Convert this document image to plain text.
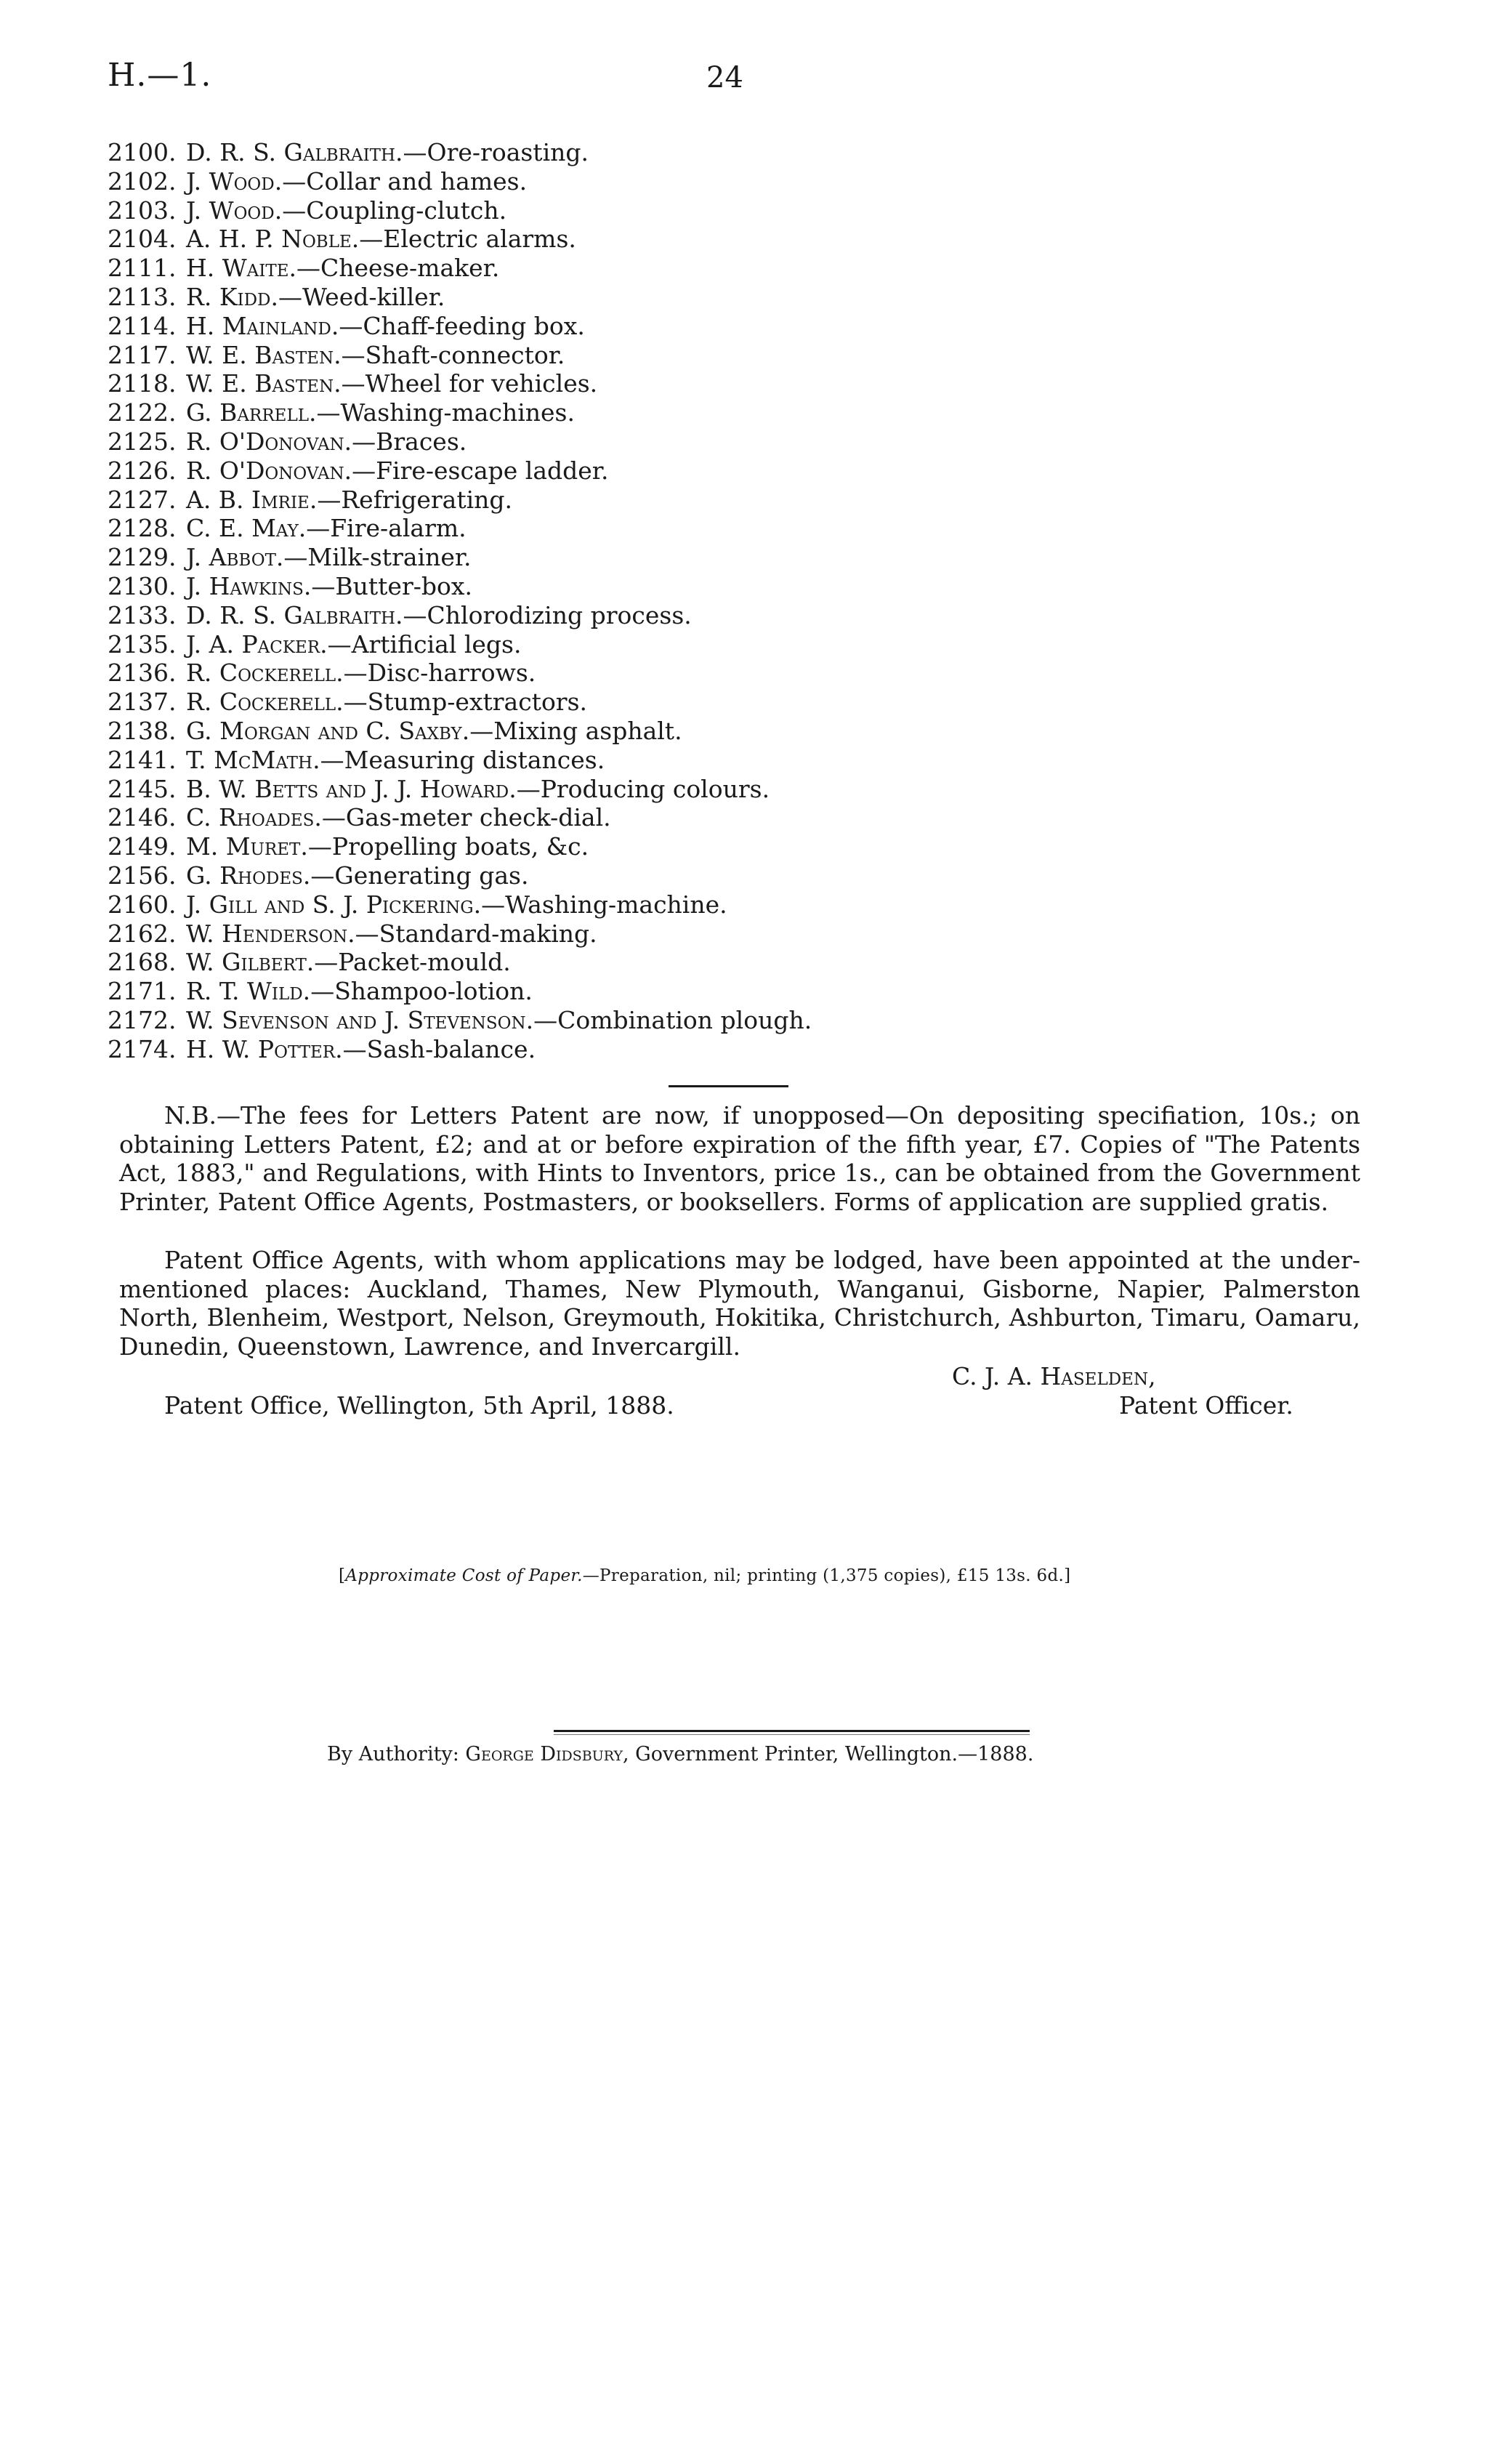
H.—1.	24
2100. D. R. S. Galbraith.—Ore-roasting.
2102. J. Wood.—Collar and hames.
2103. J. Wood.—Coupling-clutch.
2104. A. H. P. Noble.—Electric alarms.
2111. H. Waite.—Cheese-maker.
2113. R. Kidd.—Weed-killer.
2114. H. Mainland.—Chaff-feeding box.
2117. W. E. Basten.—Shaft-connector.
2118. W. E. Basten.—Wheel for vehicles.
2122. G. Barrell.—Washing-machines.
2125. R. O'Donovan.—Braces.
2126. R. O'Donovan.—Fire-escape ladder.
2127. A. B. Imrie.—Refrigerating.
2128. C. E. May.—Fire-alarm.
2129. J. Abbot.—Milk-strainer.
2130. J. Hawkins.—Butter-box.
2133. D. R. S. Galbraith.—Chlorodizing process.
2135. J. A. Packer.—Artificial legs.
2136. R. Cockerell.—Disc-harrows.
2137. R. Cockerell.—Stump-extractors.
2138. G. Morgan and C. Saxby.—Mixing asphalt.
2141. T. McMath.—Measuring distances.
2145. B. W. Betts and J. J. Howard.—Producing colours.
2146. C. Rhoades.—Gas-meter check-dial.
2149. M. Muret.—Propelling boats, &c.
2156. G. Rhodes.—Generating gas.
2160. J. Gill and S. J. Pickering.—Washing-machine.
2162. W. Henderson.—Standard-making.
2168. W. Gilbert.—Packet-mould.
2171. R. T. Wild.—Shampoo-lotion.
2172. W. Sevenson and J. Stevenson.—Combination plough.
2174. H. W. Potter.—Sash-balance.

N.B.—The fees for Letters Patent are now, if unopposed—On depositing specifiation, 10s.; on obtaining Letters Patent, £2; and at or before expiration of the fifth year, £7. Copies of "The Patents Act, 1883," and Regulations, with Hints to Inventors, price 1s., can be obtained from the Government Printer, Patent Office Agents, Postmasters, or booksellers. Forms of application are supplied gratis.

Patent Office Agents, with whom applications may be lodged, have been appointed at the under-mentioned places: Auckland, Thames, New Plymouth, Wanganui, Gisborne, Napier, Palmerston North, Blenheim, Westport, Nelson, Greymouth, Hokitika, Christchurch, Ashburton, Timaru, Oamaru, Dunedin, Queenstown, Lawrence, and Invercargill.

C. J. A. Haselden,
Patent Office, Wellington, 5th April, 1888.	Patent Officer.
[Approximate Cost of Paper.—Preparation, nil; printing (1,375 copies), £15 13s. 6d.]
By Authority: George Didsbury, Government Printer, Wellington.—1888.
